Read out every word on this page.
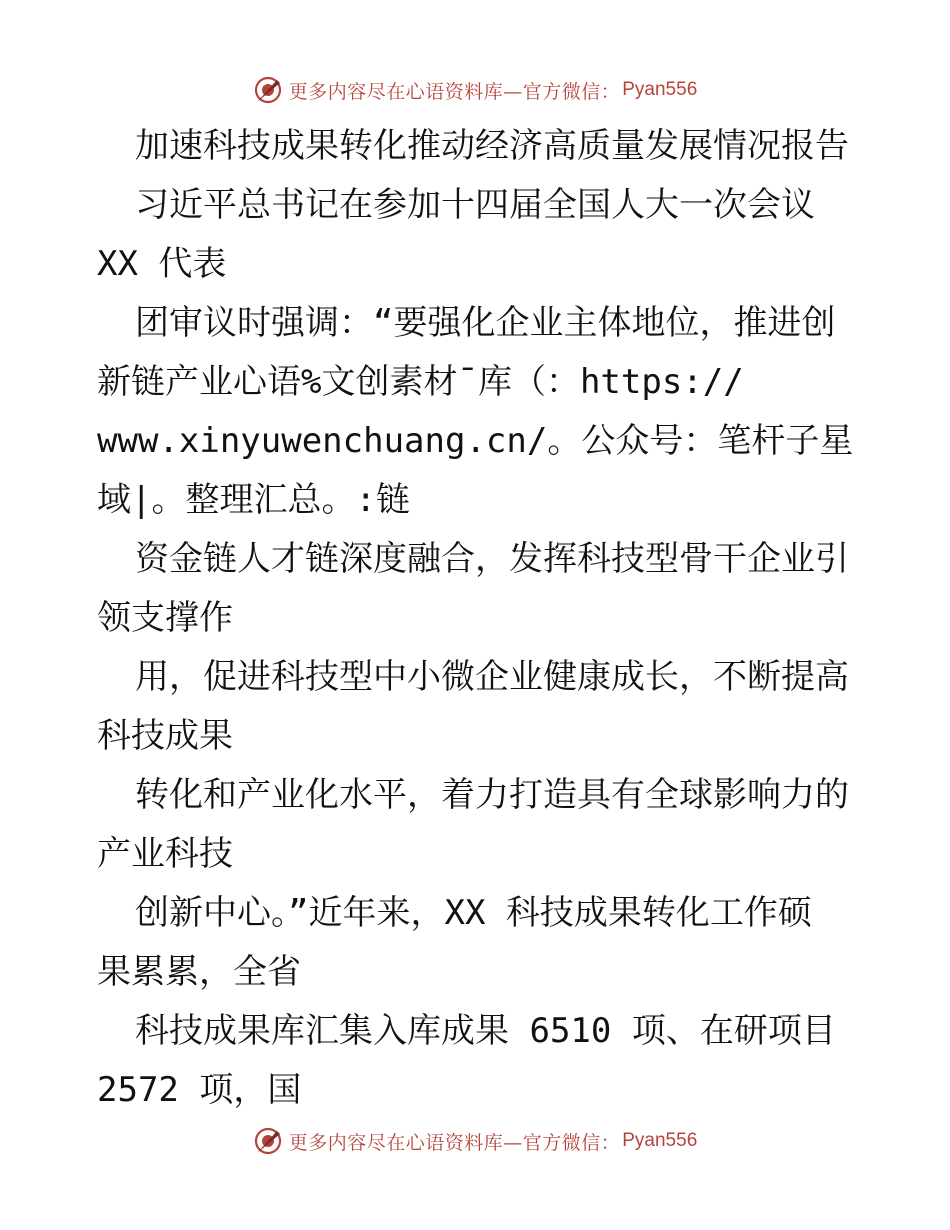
更多内容尽在心语资料库—官方微信： Pyan556
加速科技成果转化推动经济高质量发展情况报告
习近平总书记在参加十四届全国人大一次会议
XX 代表
团审议时强调：“要强化企业主体地位，推进创
新链产业心语%文创素材¯库（：https://
www.xinyuwenchuang.cn/。公众号：笔杆子星
域|。整理汇总。:链
资金链人才链深度融合，发挥科技型骨干企业引
领支撑作
用，促进科技型中小微企业健康成长，不断提高
科技成果
转化和产业化水平，着力打造具有全球影响力的
产业科技
创新中心。”近年来，XX 科技成果转化工作硕
果累累，全省
科技成果库汇集入库成果 6510 项、在研项目
2572 项，国
更多内容尽在心语资料库—官方微信： Pyan556
